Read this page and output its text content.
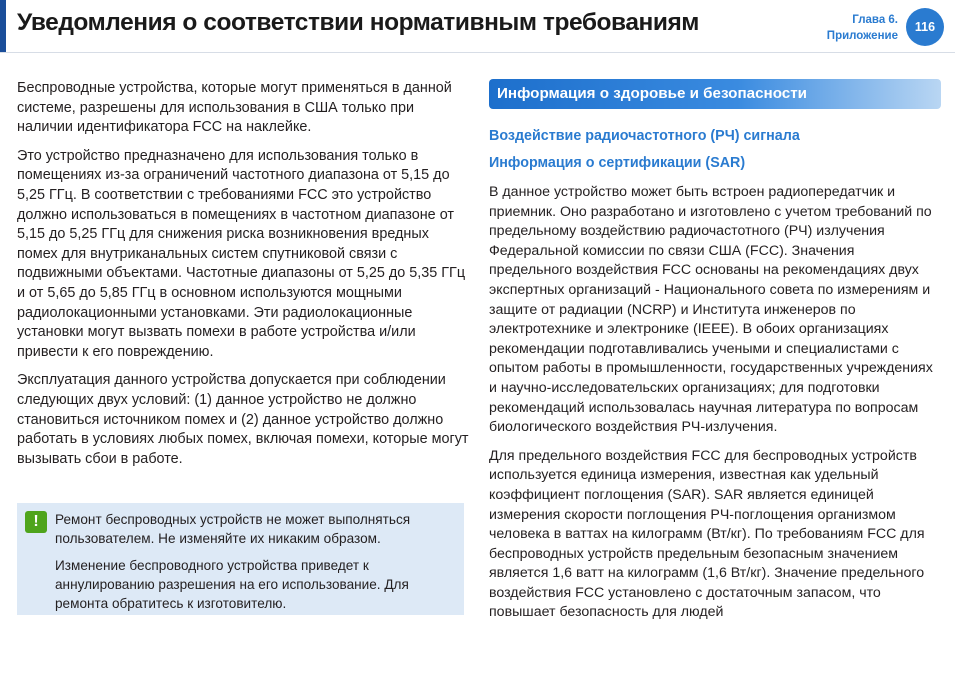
Уведомления о соответствии нормативным требованиям	Глава 6.
Приложение
116

Беспроводные устройства, которые могут применяться в данной системе, разрешены для использования в США только при наличии идентификатора FCC на наклейке.

Это устройство предназначено для использования только в помещениях из-за ограничений частотного диапазона от 5,15 до 5,25 ГГц. В соответствии с требованиями FCC это устройство должно использоваться в помещениях в частотном диапазоне от 5,15 до 5,25 ГГц для снижения риска возникновения вредных помех для внутриканальных систем спутниковой связи с подвижными объектами. Частотные диапазоны от 5,25 до 5,35 ГГц и от 5,65 до 5,85 ГГц в основном используются мощными радиолокационными установками. Эти радиолокационные установки могут вызвать помехи в работе устройства и/или привести к его повреждению.

Эксплуатация данного устройства допускается при соблюдении следующих двух условий: (1) данное устройство не должно становиться источником помех и (2) данное устройство должно работать в условиях любых помех, включая помехи, которые могут вызывать сбои в работе.

!	Ремонт беспроводных устройств не может выполняться пользователем. Не изменяйте их никаким образом.

Изменение беспроводного устройства приведет к аннулированию разрешения на его использование. Для ремонта обратитесь к изготовителю.

Информация о здоровье и безопасности
Воздействие радиочастотного (РЧ) сигнала
Информация о сертификации (SAR)

В данное устройство может быть встроен радиопередатчик и приемник. Оно разработано и изготовлено с учетом требований по предельному воздействию радиочастотного (РЧ) излучения Федеральной комиссии по связи США (FCC). Значения предельного воздействия FCC основаны на рекомендациях двух экспертных организаций - Национального совета по измерениям и защите от радиации (NCRP) и Института инженеров по электротехнике и электронике (IEEE). В обоих организациях рекомендации подготавливались учеными и специалистами с опытом работы в промышленности, государственных учреждениях и научно-исследовательских организациях; для подготовки рекомендаций использовалась научная литература по вопросам биологического воздействия РЧ-излучения.

Для предельного воздействия FCC для беспроводных устройств используется единица измерения, известная как удельный коэффициент поглощения (SAR). SAR является единицей измерения скорости поглощения РЧ-поглощения организмом человека в ваттах на килограмм (Вт/кг). По требованиям FCC для беспроводных устройств предельным безопасным значением является 1,6 ватт на килограмм (1,6 Вт/кг). Значение предельного воздействия FCC установлено с достаточным запасом, что повышает безопасность для людей
